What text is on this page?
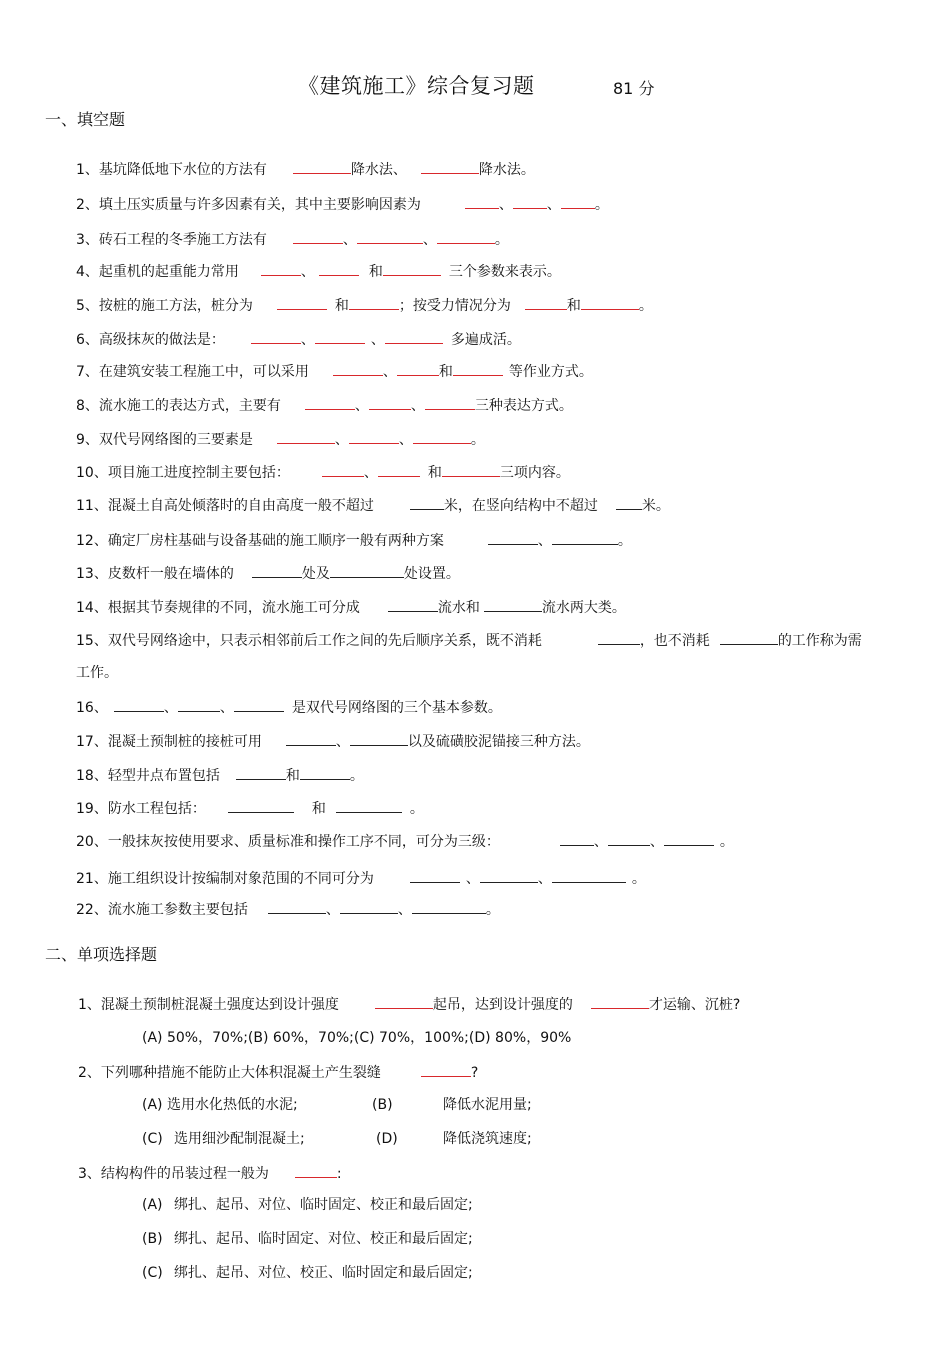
《建筑施工》综合复习题	81 分
一、填空题
1、基坑降低地下水位的方法有	降水法、	降水法。
2、填土压实质量与许多因素有关，其中主要影响因素为	、 、 。
3、砖石工程的冬季施工方法有	、	、	。
4、起重机的起重能力常用	、	和	三个参数来表示。
5、按桩的施工方法，桩分为	和	；按受力情况分为	和	。
6、高级抹灰的做法是：	、	、	多遍成活。
7、在建筑安装工程施工中，可以采用	、	和	等作业方式。
8、流水施工的表达方式，主要有	、	、	三种表达方式。
9、双代号网络图的三要素是	、	、	。
10、项目施工进度控制主要包括：	、	和	三项内容。
11、混凝土自高处倾落时的自由高度一般不超过	米，在竖向结构中不超过	米。
12、确定厂房柱基础与设备基础的施工顺序一般有两种方案	、	。
13、皮数杆一般在墙体的	处及	处设置。
14、根据其节奏规律的不同，流水施工可分成	流水和	流水两大类。
15、双代号网络途中，只表示相邻前后工作之间的先后顺序关系，既不消耗	，也不消耗	的工作称为需
工作。
16、	、	、	是双代号网络图的三个基本参数。
17、混凝土预制桩的接桩可用	、	以及硫磺胶泥锚接三种方法。
18、轻型井点布置包括	和	。
19、防水工程包括：	和	。
20、一般抹灰按使用要求、质量标准和操作工序不同，可分为三级：	、	、	。
21、施工组织设计按编制对象范围的不同可分为	、	、	。
22、流水施工参数主要包括	、	、	。
二、单项选择题
1、混凝土预制桩混凝土强度达到设计强度	起吊，达到设计强度的	才运输、沉桩?
(A) 50%，70%;(B) 60%，70%;(C) 70%，100%;(D) 80%，90%
2、下列哪种措施不能防止大体积混凝土产生裂缝	?
(A) 选用水化热低的水泥;	(B)	降低水泥用量;
(C) 选用细沙配制混凝土;	(D)	降低浇筑速度;
3、结构构件的吊装过程一般为	:
(A) 绑扎、起吊、对位、临时固定、校正和最后固定;
(B) 绑扎、起吊、临时固定、对位、校正和最后固定;
(C) 绑扎、起吊、对位、校正、临时固定和最后固定;
